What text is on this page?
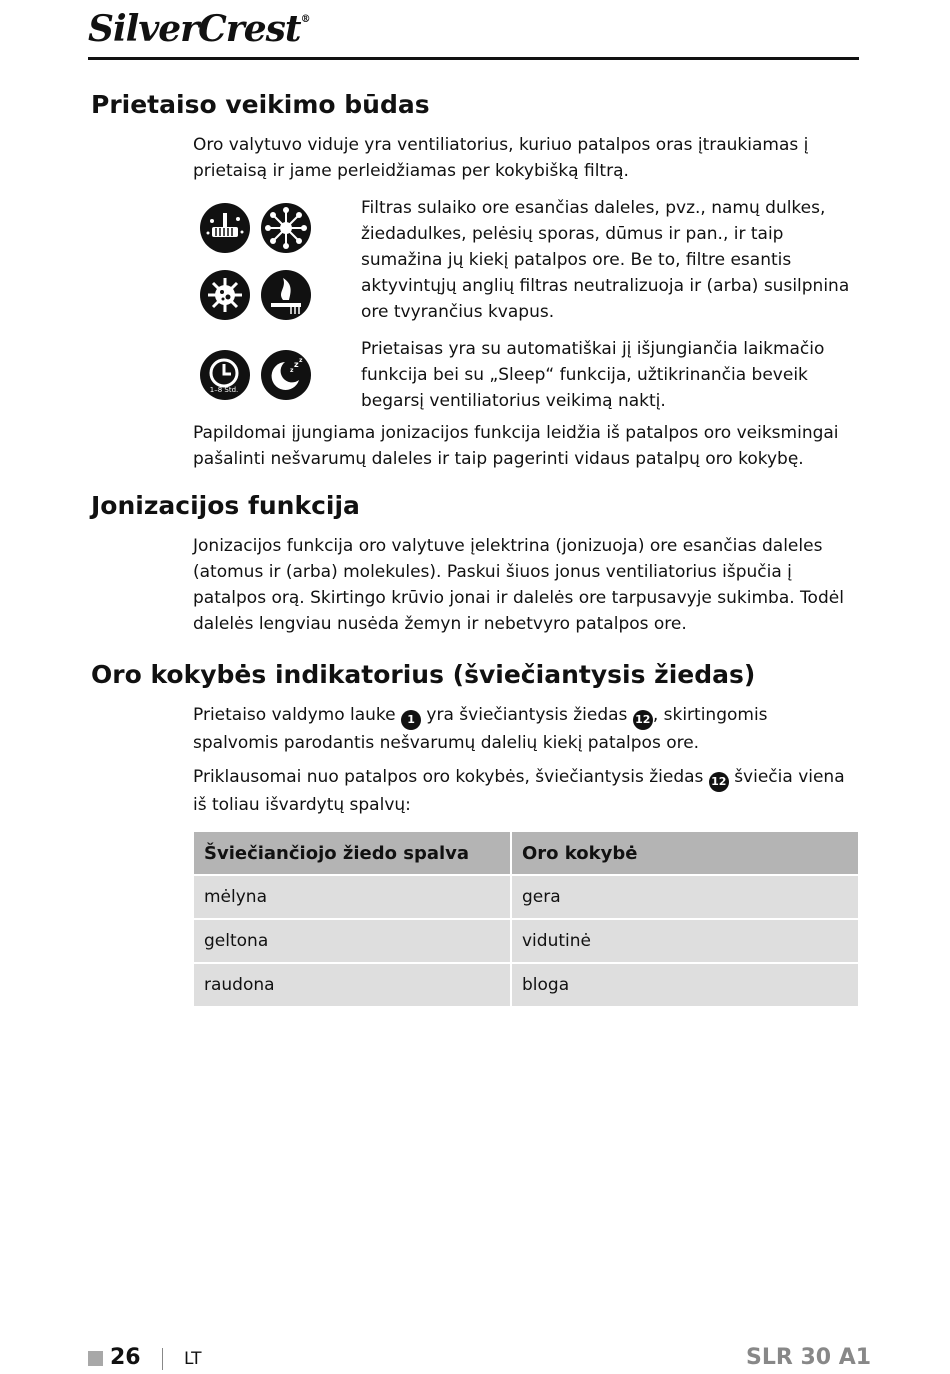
SilverCrest®
Prietaiso veikimo būdas

Oro valytuvo viduje yra ventiliatorius, kuriuo patalpos oras įtraukiamas į prietaisą ir jame perleidžiamas per kokybišką filtrą.

1–8 Std.
z z
z

Filtras sulaiko ore esančias daleles, pvz., namų dulkes, žiedadulkes, pelėsių sporas, dūmus ir pan., ir taip sumažina jų kiekį patalpos ore. Be to, filtre esantis aktyvintųjų anglių filtras neutralizuoja ir (arba) susilpnina ore tvyrančius kvapus.

Prietaisas yra su automatiškai jį išjungiančia laikmačio funkcija bei su „Sleep“ funkcija, užtikrinančia beveik begarsį ventiliatorius veikimą naktį.

Papildomai įjungiama jonizacijos funkcija leidžia iš patalpos oro veiksmingai pašalinti nešvarumų daleles ir taip pagerinti vidaus patalpų oro kokybę.

Jonizacijos funkcija

Jonizacijos funkcija oro valytuve įelektrina (jonizuoja) ore esančias daleles (atomus ir (arba) molekules). Paskui šiuos jonus ventiliatorius išpučia į patalpos orą. Skirtingo krūvio jonai ir dalelės ore tarpusavyje sukimba. Todėl dalelės lengviau nusėda žemyn ir nebetvyro patalpos ore.

Oro kokybės indikatorius (šviečiantysis žiedas)

Prietaiso valdymo lauke 1 yra šviečiantysis žiedas 12 , skirtingomis spalvomis parodantis nešvarumų dalelių kiekį patalpos ore.

Priklausomai nuo patalpos oro kokybės, šviečiantysis žiedas 12 šviečia viena iš toliau išvardytų spalvų:

Šviečiančiojo žiedo spalva	Oro kokybė
mėlyna	gera
geltona	vidutinė
raudona	bloga
26	LT	SLR 30 A1
